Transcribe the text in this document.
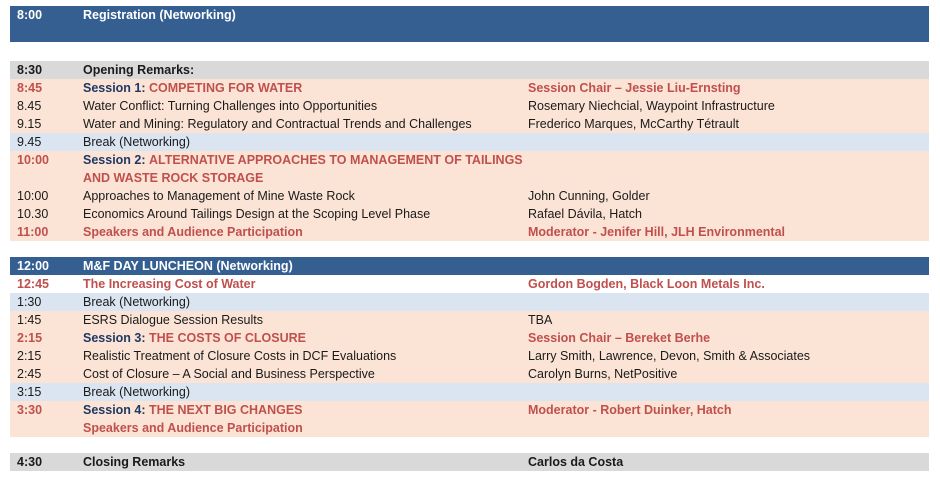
8:00	Registration (Networking)
8:30	Opening Remarks:
8:45	Session 1: COMPETING FOR WATER	Session Chair – Jessie Liu-Ernsting
8.45	Water Conflict: Turning Challenges into Opportunities	Rosemary Niechcial, Waypoint Infrastructure
9.15	Water and Mining: Regulatory and Contractual Trends and Challenges	Frederico Marques, McCarthy Tétrault
9.45	Break (Networking)
10:00	Session 2: ALTERNATIVE APPROACHES TO MANAGEMENT OF TAILINGS
AND WASTE ROCK STORAGE
10:00	Approaches to Management of Mine Waste Rock	John Cunning, Golder
10.30	Economics Around Tailings Design at the Scoping Level Phase	Rafael Dávila, Hatch
11:00	Speakers and Audience Participation	Moderator - Jenifer Hill, JLH Environmental
12:00	M&F DAY LUNCHEON (Networking)
12:45	The Increasing Cost of Water	Gordon Bogden, Black Loon Metals Inc.
1:30	Break (Networking)
1:45	ESRS Dialogue Session Results	TBA
2:15	Session 3: THE COSTS OF CLOSURE	Session Chair – Bereket Berhe
2:15	Realistic Treatment of Closure Costs in DCF Evaluations	Larry Smith, Lawrence, Devon, Smith & Associates
2:45	Cost of Closure – A Social and Business Perspective	Carolyn Burns, NetPositive
3:15	Break (Networking)
3:30	Session 4: THE NEXT BIG CHANGES	Moderator - Robert Duinker, Hatch
Speakers and Audience Participation
4:30	Closing Remarks	Carlos da Costa
